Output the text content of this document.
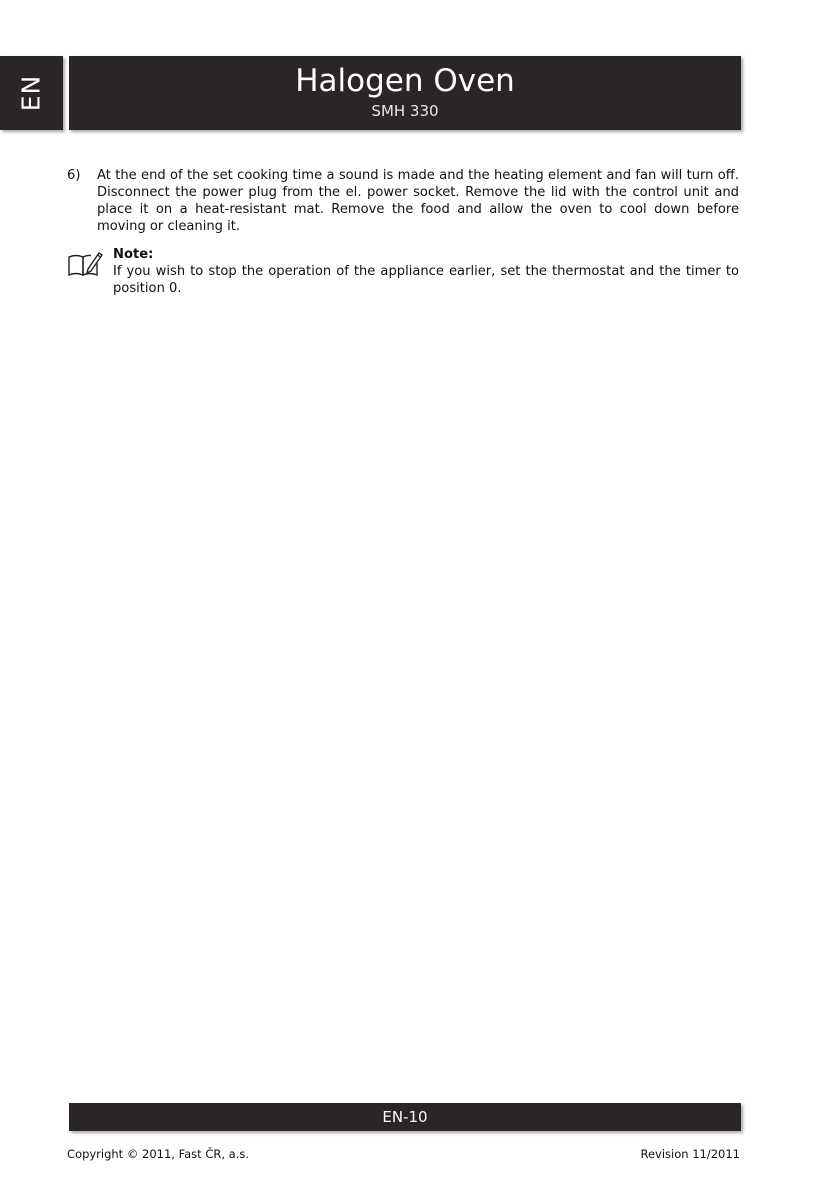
EN	Halogen Oven
SMH 330
6) At the end of the set cooking time a sound is made and the heating element and fan will turn off. Disconnect the power plug from the el. power socket. Remove the lid with the control unit and place it on a heat-resistant mat. Remove the food and allow the oven to cool down before moving or cleaning it.
Note:
If you wish to stop the operation of the appliance earlier, set the thermostat and the timer to position 0.
EN-10
Copyright © 2011, Fast ČR, a.s.	Revision 11/2011
